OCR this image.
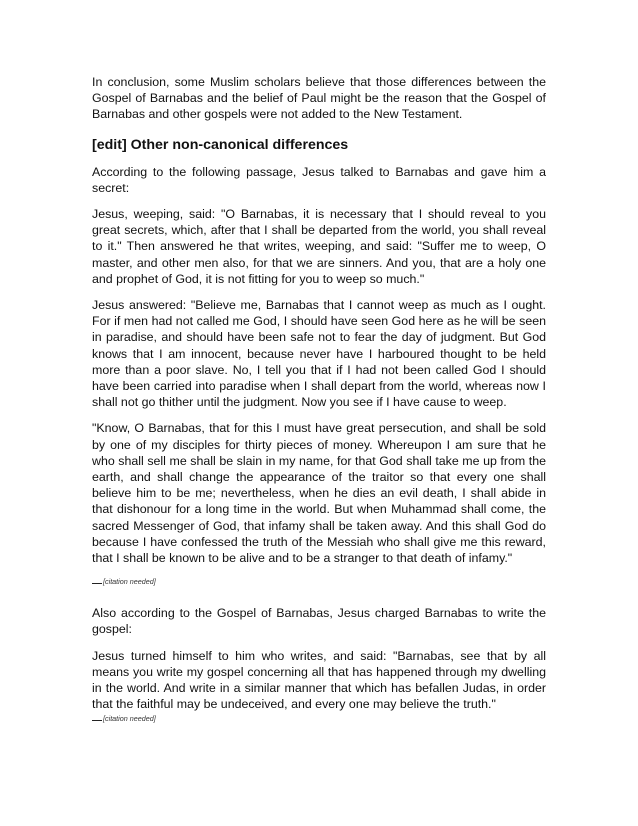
In conclusion, some Muslim scholars believe that those differences between the Gospel of Barnabas and the belief of Paul might be the reason that the Gospel of Barnabas and other gospels were not added to the New Testament.

[edit] Other non-canonical differences

According to the following passage, Jesus talked to Barnabas and gave him a secret:

Jesus, weeping, said: "O Barnabas, it is necessary that I should reveal to you great secrets, which, after that I shall be departed from the world, you shall reveal to it." Then answered he that writes, weeping, and said: "Suffer me to weep, O master, and other men also, for that we are sinners. And you, that are a holy one and prophet of God, it is not fitting for you to weep so much."

Jesus answered: "Believe me, Barnabas that I cannot weep as much as I ought. For if men had not called me God, I should have seen God here as he will be seen in paradise, and should have been safe not to fear the day of judgment. But God knows that I am innocent, because never have I harboured thought to be held more than a poor slave. No, I tell you that if I had not been called God I should have been carried into paradise when I shall depart from the world, whereas now I shall not go thither until the judgment. Now you see if I have cause to weep.

"Know, O Barnabas, that for this I must have great persecution, and shall be sold by one of my disciples for thirty pieces of money. Whereupon I am sure that he who shall sell me shall be slain in my name, for that God shall take me up from the earth, and shall change the appearance of the traitor so that every one shall believe him to be me; nevertheless, when he dies an evil death, I shall abide in that dishonour for a long time in the world. But when Muhammad shall come, the sacred Messenger of God, that infamy shall be taken away. And this shall God do because I have confessed the truth of the Messiah who shall give me this reward, that I shall be known to be alive and to be a stranger to that death of infamy."

[citation needed]

Also according to the Gospel of Barnabas, Jesus charged Barnabas to write the gospel:

Jesus turned himself to him who writes, and said: "Barnabas, see that by all means you write my gospel concerning all that has happened through my dwelling in the world. And write in a similar manner that which has befallen Judas, in order that the faithful may be undeceived, and every one may believe the truth."

[citation needed]
